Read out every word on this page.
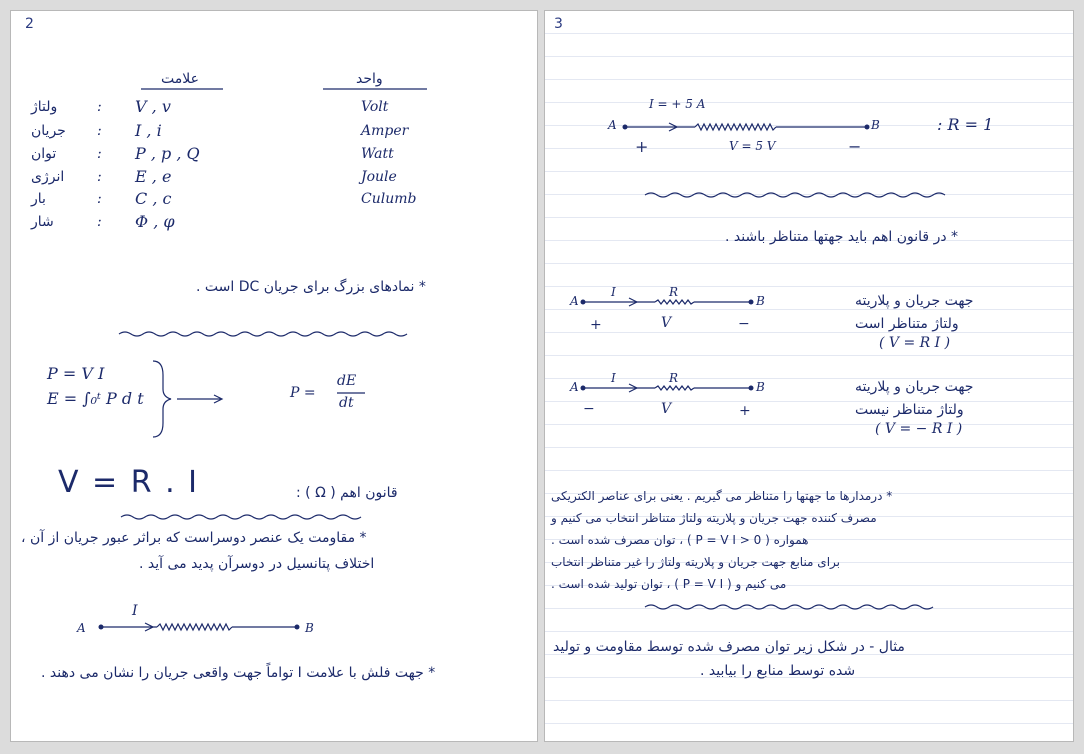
2
علامت	واحد
ولتاژ	: V , v	Volt
جریان : I , i	Amper
توان	: P , p , Q	Watt
انرژی : E , e	Joule
بار	: C , c	Culumb
شار	: Φ , φ
* نمادهای بزرگ برای جریان DC است .
P = V I
E = ∫₀ᵗ P d t	P =
dE
dt
V = R . I	قانون اهم ( Ω ) :
* مقاومت یک عنصر دوسراست که براثر عبور جریان از آن ،
اختلاف پتانسیل در دوسرآن پدید می آید .
I
A	B
* جهت فلش با علامت I تواماً جهت واقعی جریان را نشان می دهند .
3
I = + 5 A
A	B
+	V = 5 V	−
: R = 1
* در قانون اهم باید جهتها متناظر باشند .
I	R
A	B
+	V	−
جهت جریان و پلاریته
ولتاژ متناظر است
( V = R I )
I	R
A	B
−	V	+
جهت جریان و پلاریته
ولتاژ متناظر نیست
( V = − R I )
* درمدارها ما جهتها را متناظر می گیریم . یعنی برای عناصر الکتریکی
مصرف کننده جهت جریان و پلاریته ولتاژ متناظر انتخاب می کنیم و
همواره ( P = V I > 0 ) ، توان مصرف شده است .
برای منابع جهت جریان و پلاریته ولتاژ را غیر متناظر انتخاب
می کنیم و ( P = V I ) ، توان تولید شده است .
مثال - در شکل زیر توان مصرف شده توسط مقاومت و تولید
شده توسط منابع را بیابید .
